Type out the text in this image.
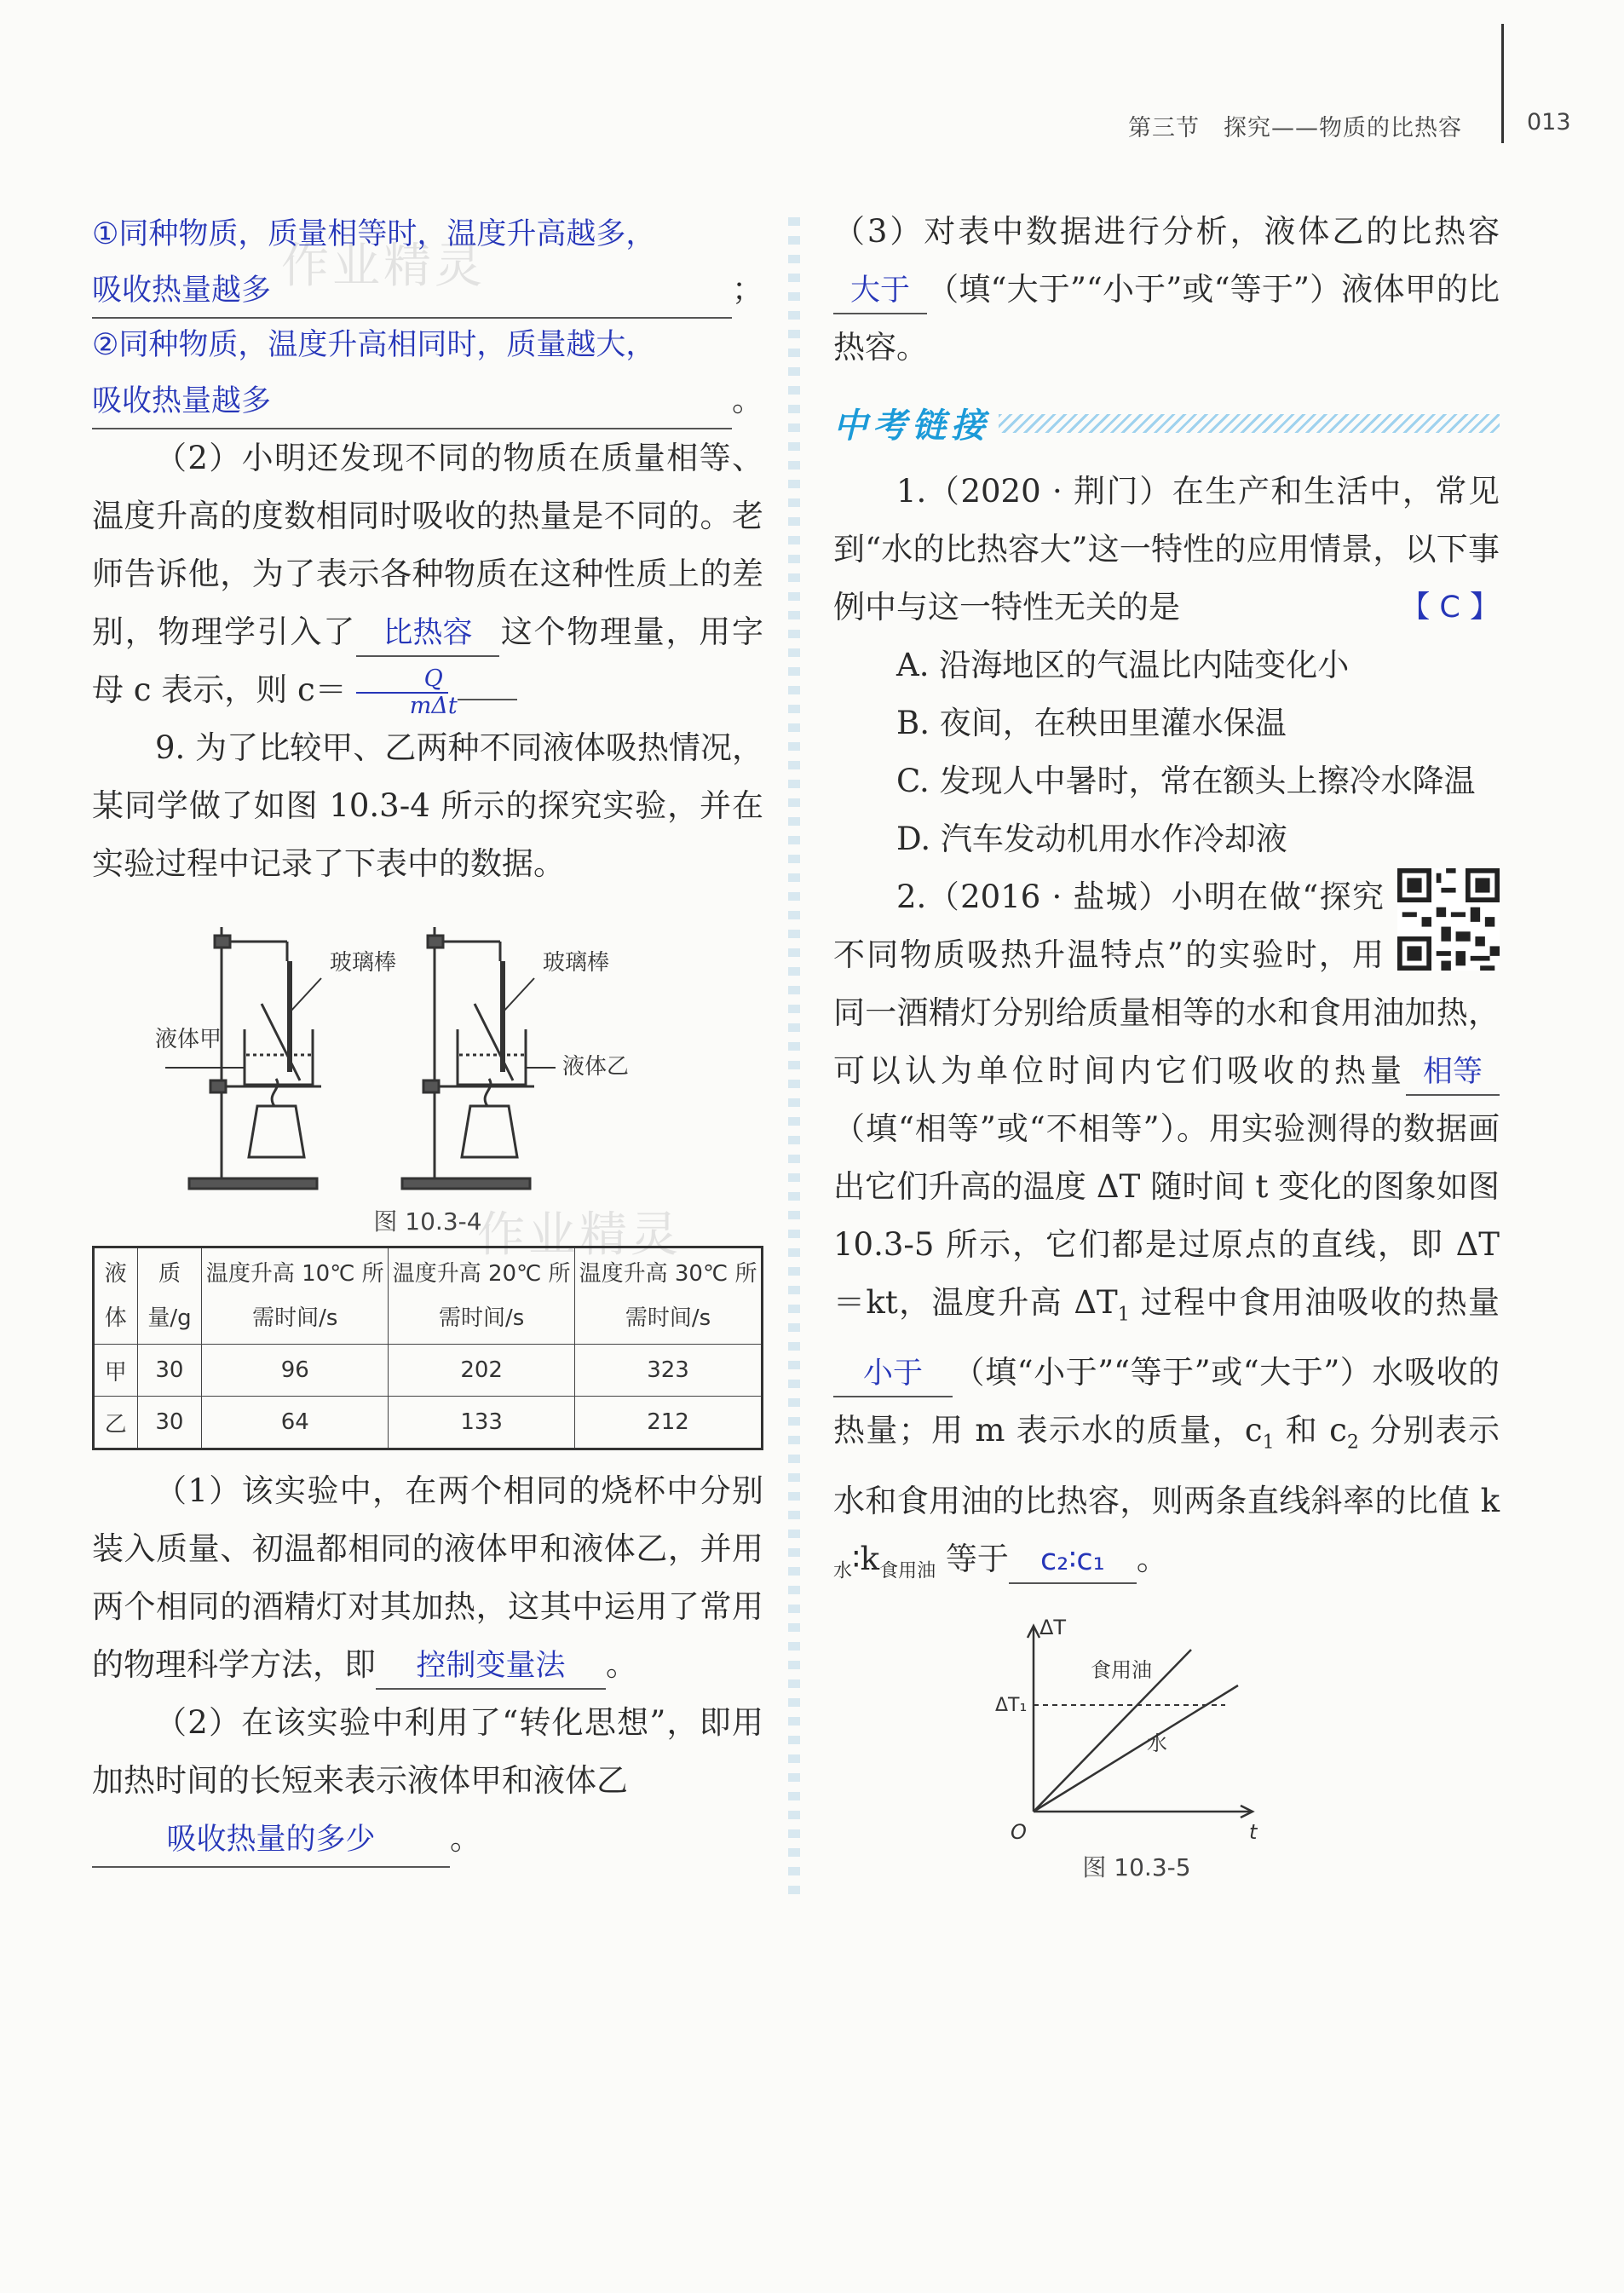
第三节　探究——物质的比热容	013
作业精灵
作业精灵

①同种物质，质量相等时，温度升高越多，

吸收热量越多	；

②同种物质，温度升高相同时，质量越大，

吸收热量越多	。

（2）小明还发现不同的物质在质量相等、温度升高的度数相同时吸收的热量是不同的。老师告诉他，为了表示各种物质在这种性质上的差别，物理学引入了 比热容 这个物理量，用字母 c 表示，则 $c= \frac{Q}{\text{mΔt}}$

9. 为了比较甲、乙两种不同液体吸热情况，某同学做了如图 10.3-4 所示的探究实验，并在实验过程中记录了下表中的数据。

玻璃棒
液体甲
玻璃棒
液体乙
图 10.3-4
液体	质量/g	温度升高 10℃ 所需时间/s	温度升高 20℃ 所需时间/s	温度升高 30℃ 所需时间/s
甲	30	96	202	323
乙	30	64	133	212

（1）该实验中，在两个相同的烧杯中分别装入质量、初温都相同的液体甲和液体乙，并用两个相同的酒精灯对其加热，这其中运用了常用的物理科学方法，即 控制变量法 。

（2）在该实验中利用了“转化思想”，即用加热时间的长短来表示液体甲和液体乙

吸收热量的多少	。

（3）对表中数据进行分析，液体乙的比热容大于 （填“大于”“小于”或“等于”）液体甲的比热容。

中考链接

1.（2020 · 荆门）在生产和生活中，常见到“水的比热容大”这一特性的应用情景，以下事例中与这一特性无关的是	【 C 】

A. 沿海地区的气温比内陆变化小

B. 夜间，在秧田里灌水保温

C. 发现人中暑时，常在额头上擦冷水降温

D. 汽车发动机用水作冷却液

2.（2016 · 盐城）小明在做“探究不同物质吸热升温特点”的实验时，用同一酒精灯分别给质量相等的水和食用油加热，可以认为单位时间内它们吸收的热量 相等（填“相等”或“不相等”）。用实验测得的数据画出它们升高的温度 ΔT 随时间 t 变化的图象如图 10.3-5 所示，它们都是过原点的直线，即 ΔT＝kt，温度升高 $\Delta T_1$ 过程中食用油吸收的热量小于 （填“小于”“等于”或“大于”）水吸收的热量；用 m 表示水的质量，$c_1$ 和 $c_2$ 分别表示水和食用油的比热容，则两条直线斜率的比值 $k_水∶k_{食用油}$ 等于 c₂∶c₁ 。

ΔT
t
O
ΔT₁
食用油
水
图 10.3-5
